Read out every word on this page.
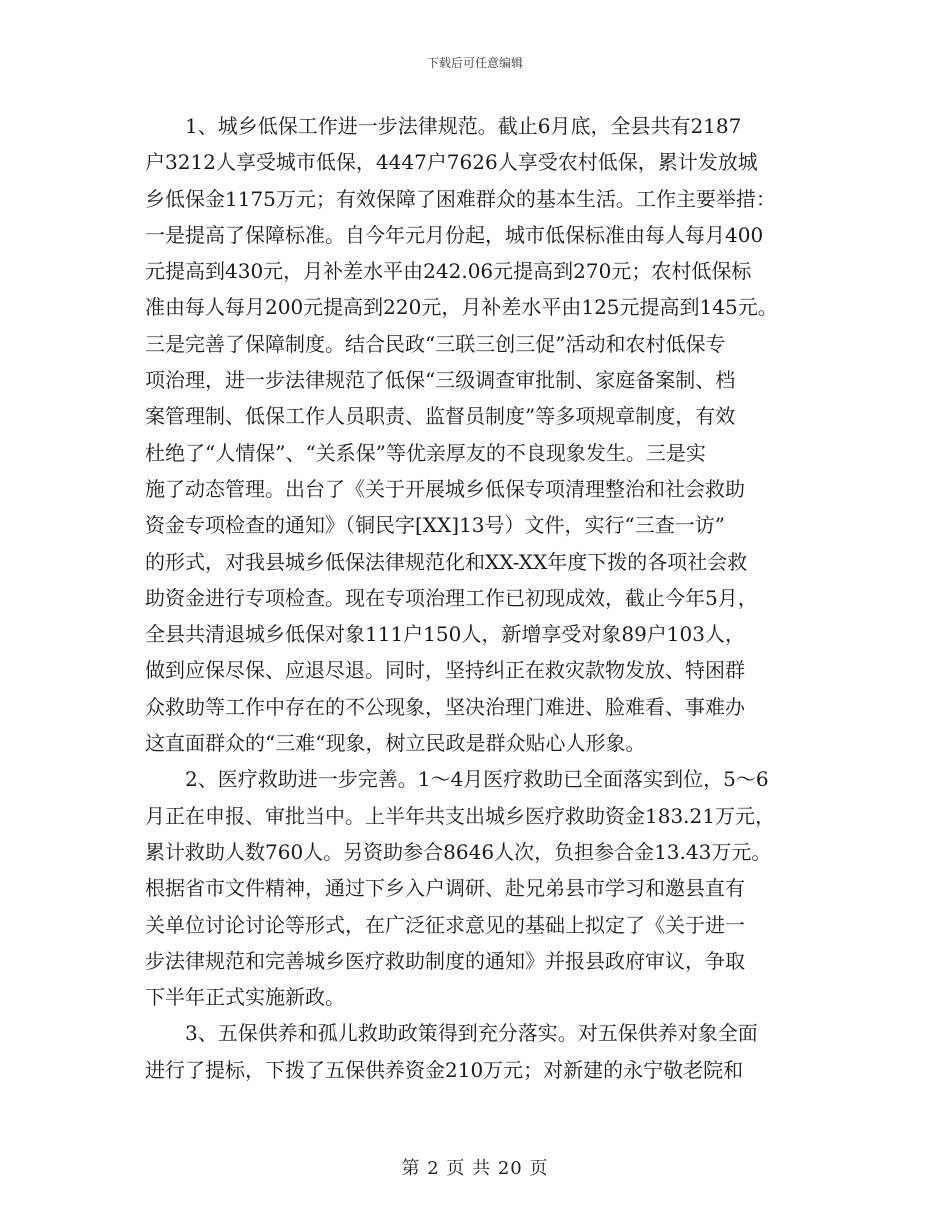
下载后可任意编辑
1、城乡低保工作进一步法律规范。截止6月底，全县共有2187
户3212人享受城市低保，4447户7626人享受农村低保，累计发放城
乡低保金1175万元；有效保障了困难群众的基本生活。工作主要举措：
一是提高了保障标准。自今年元月份起，城市低保标准由每人每月400
元提高到430元，月补差水平由242.06元提高到270元；农村低保标
准由每人每月200元提高到220元，月补差水平由125元提高到145元。
三是完善了保障制度。结合民政“三联三创三促”活动和农村低保专
项治理，进一步法律规范了低保“三级调查审批制、家庭备案制、档
案管理制、低保工作人员职责、监督员制度”等多项规章制度，有效
杜绝了“人情保”、“关系保”等优亲厚友的不良现象发生。三是实
施了动态管理。出台了《关于开展城乡低保专项清理整治和社会救助
资金专项检查的通知》（铜民字[XX]13号）文件，实行“三查一访”
的形式，对我县城乡低保法律规范化和XX-XX年度下拨的各项社会救
助资金进行专项检查。现在专项治理工作已初现成效，截止今年5月，
全县共清退城乡低保对象111户150人，新增享受对象89户103人，
做到应保尽保、应退尽退。同时，坚持纠正在救灾款物发放、特困群
众救助等工作中存在的不公现象，坚决治理门难进、脸难看、事难办
这直面群众的“三难“现象，树立民政是群众贴心人形象。
2、医疗救助进一步完善。1～4月医疗救助已全面落实到位，5～6
月正在申报、审批当中。上半年共支出城乡医疗救助资金183.21万元，
累计救助人数760人。另资助参合8646人次，负担参合金13.43万元。
根据省市文件精神，通过下乡入户调研、赴兄弟县市学习和邀县直有
关单位讨论讨论等形式，在广泛征求意见的基础上拟定了《关于进一
步法律规范和完善城乡医疗救助制度的通知》并报县政府审议，争取
下半年正式实施新政。
3、五保供养和孤儿救助政策得到充分落实。对五保供养对象全面
进行了提标，下拨了五保供养资金210万元；对新建的永宁敬老院和
第 2 页 共 20 页
